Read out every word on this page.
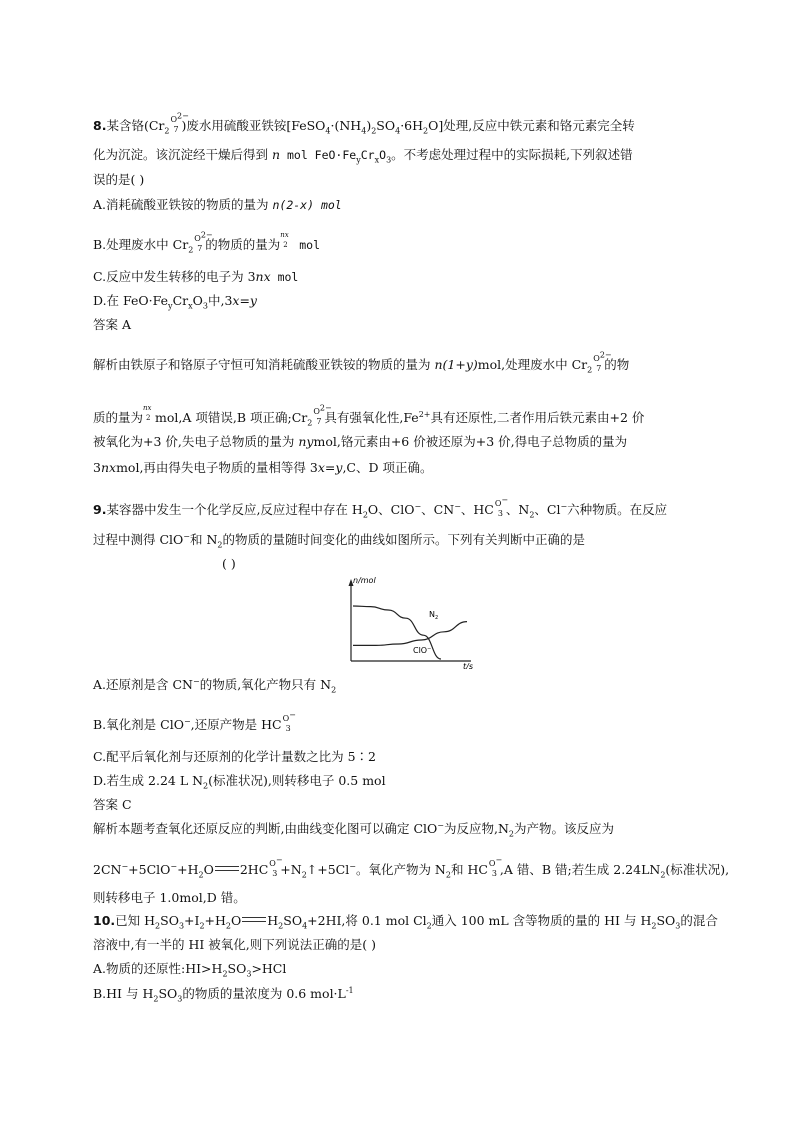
8.某含铬($Cr_2$
$O^{2-}$
7 )废水用硫酸亚铁铵$[FeSO_4\cdot(NH_4)_2SO_4\cdot 6H_2O]$处理,反应中铁元素和铬元素完全转
化为沉淀。该沉淀经干燥后得到 n mol $FeO\cdot Fe_yCr_xO_3$。不考虑处理过程中的实际损耗,下列叙述错
误的是( )
A.消耗硫酸亚铁铵的物质的量为 n(2-x) mol
B.处理废水中 $Cr_2$
$O^{2-}$
7 的物质的量为
nx
2 mol
C.反应中发生转移的电子为 3nx mol
D.在 $FeO\cdot Fe_yCr_xO_3$中,3x=y
答案 A
解析由铁原子和铬原子守恒可知消耗硫酸亚铁铵的物质的量为 n(1+y)mol,处理废水中 $Cr_2$
$O^{2-}$
7 的物
质的量为
nx
2 mol,A 项错误,B 项正确$;Cr_2$
$O^{2-}$
7 具有强氧化性$,Fe^{2+}$具有还原性,二者作用后铁元素由+2 价
被氧化为+3 价,失电子总物质的量为 nymol,铬元素由+6 价被还原为+3 价,得电子总物质的量为
3nxmol,再由得失电子物质的量相等得 3x=y,C、D 项正确。
9.某容器中发生一个化学反应,反应过程中存在 $H_2O$、ClO−、CN−、HC O−
3 、$N_2$、Cl−六种物质。在反应
过程中测得 ClO−和 $N_2$的物质的量随时间变化的曲线如图所示。下列有关判断中正确的是
( )
n/mol
t/s
$N_2$
ClO−
A.还原剂是含 CN−的物质,氧化产物只有 $N_2$
B.氧化剂是 ClO−,还原产物是 HC O−
3
C.配平后氧化剂与还原剂的化学计量数之比为 5∶2
D.若生成 2.24 L $N_2$(标准状况),则转移电子 0.5 mol
答案 C
解析本题考查氧化还原反应的判断,由曲线变化图可以确定 ClO−为反应物$,N_2$为产物。该反应为
$2CN^-+5ClO^-+H_2O$ 2HC O−
$3 +N_2↑+5Cl^-$。氧化产物为 $N_2$和 HC O−
3 ,A 错、B 错;若生成 $2.24LN_2$(标准状况),
则转移电子 1.0mol,D 错。
10.已知 $H_2SO_3+I_2+H_2O$ $H_2SO_4+2HI$,将 0.1 mol $Cl_2$通入 100 mL 含等物质的量的 HI 与 $H_2SO_3$的混合
溶液中,有一半的 HI 被氧化,则下列说法正确的是( )
A.物质的还原性$:HI>H_2SO_3>HCl$
B.HI 与 $H_2SO_3$的物质的量浓度为 0.6 $mol\cdot L^{-1}$
